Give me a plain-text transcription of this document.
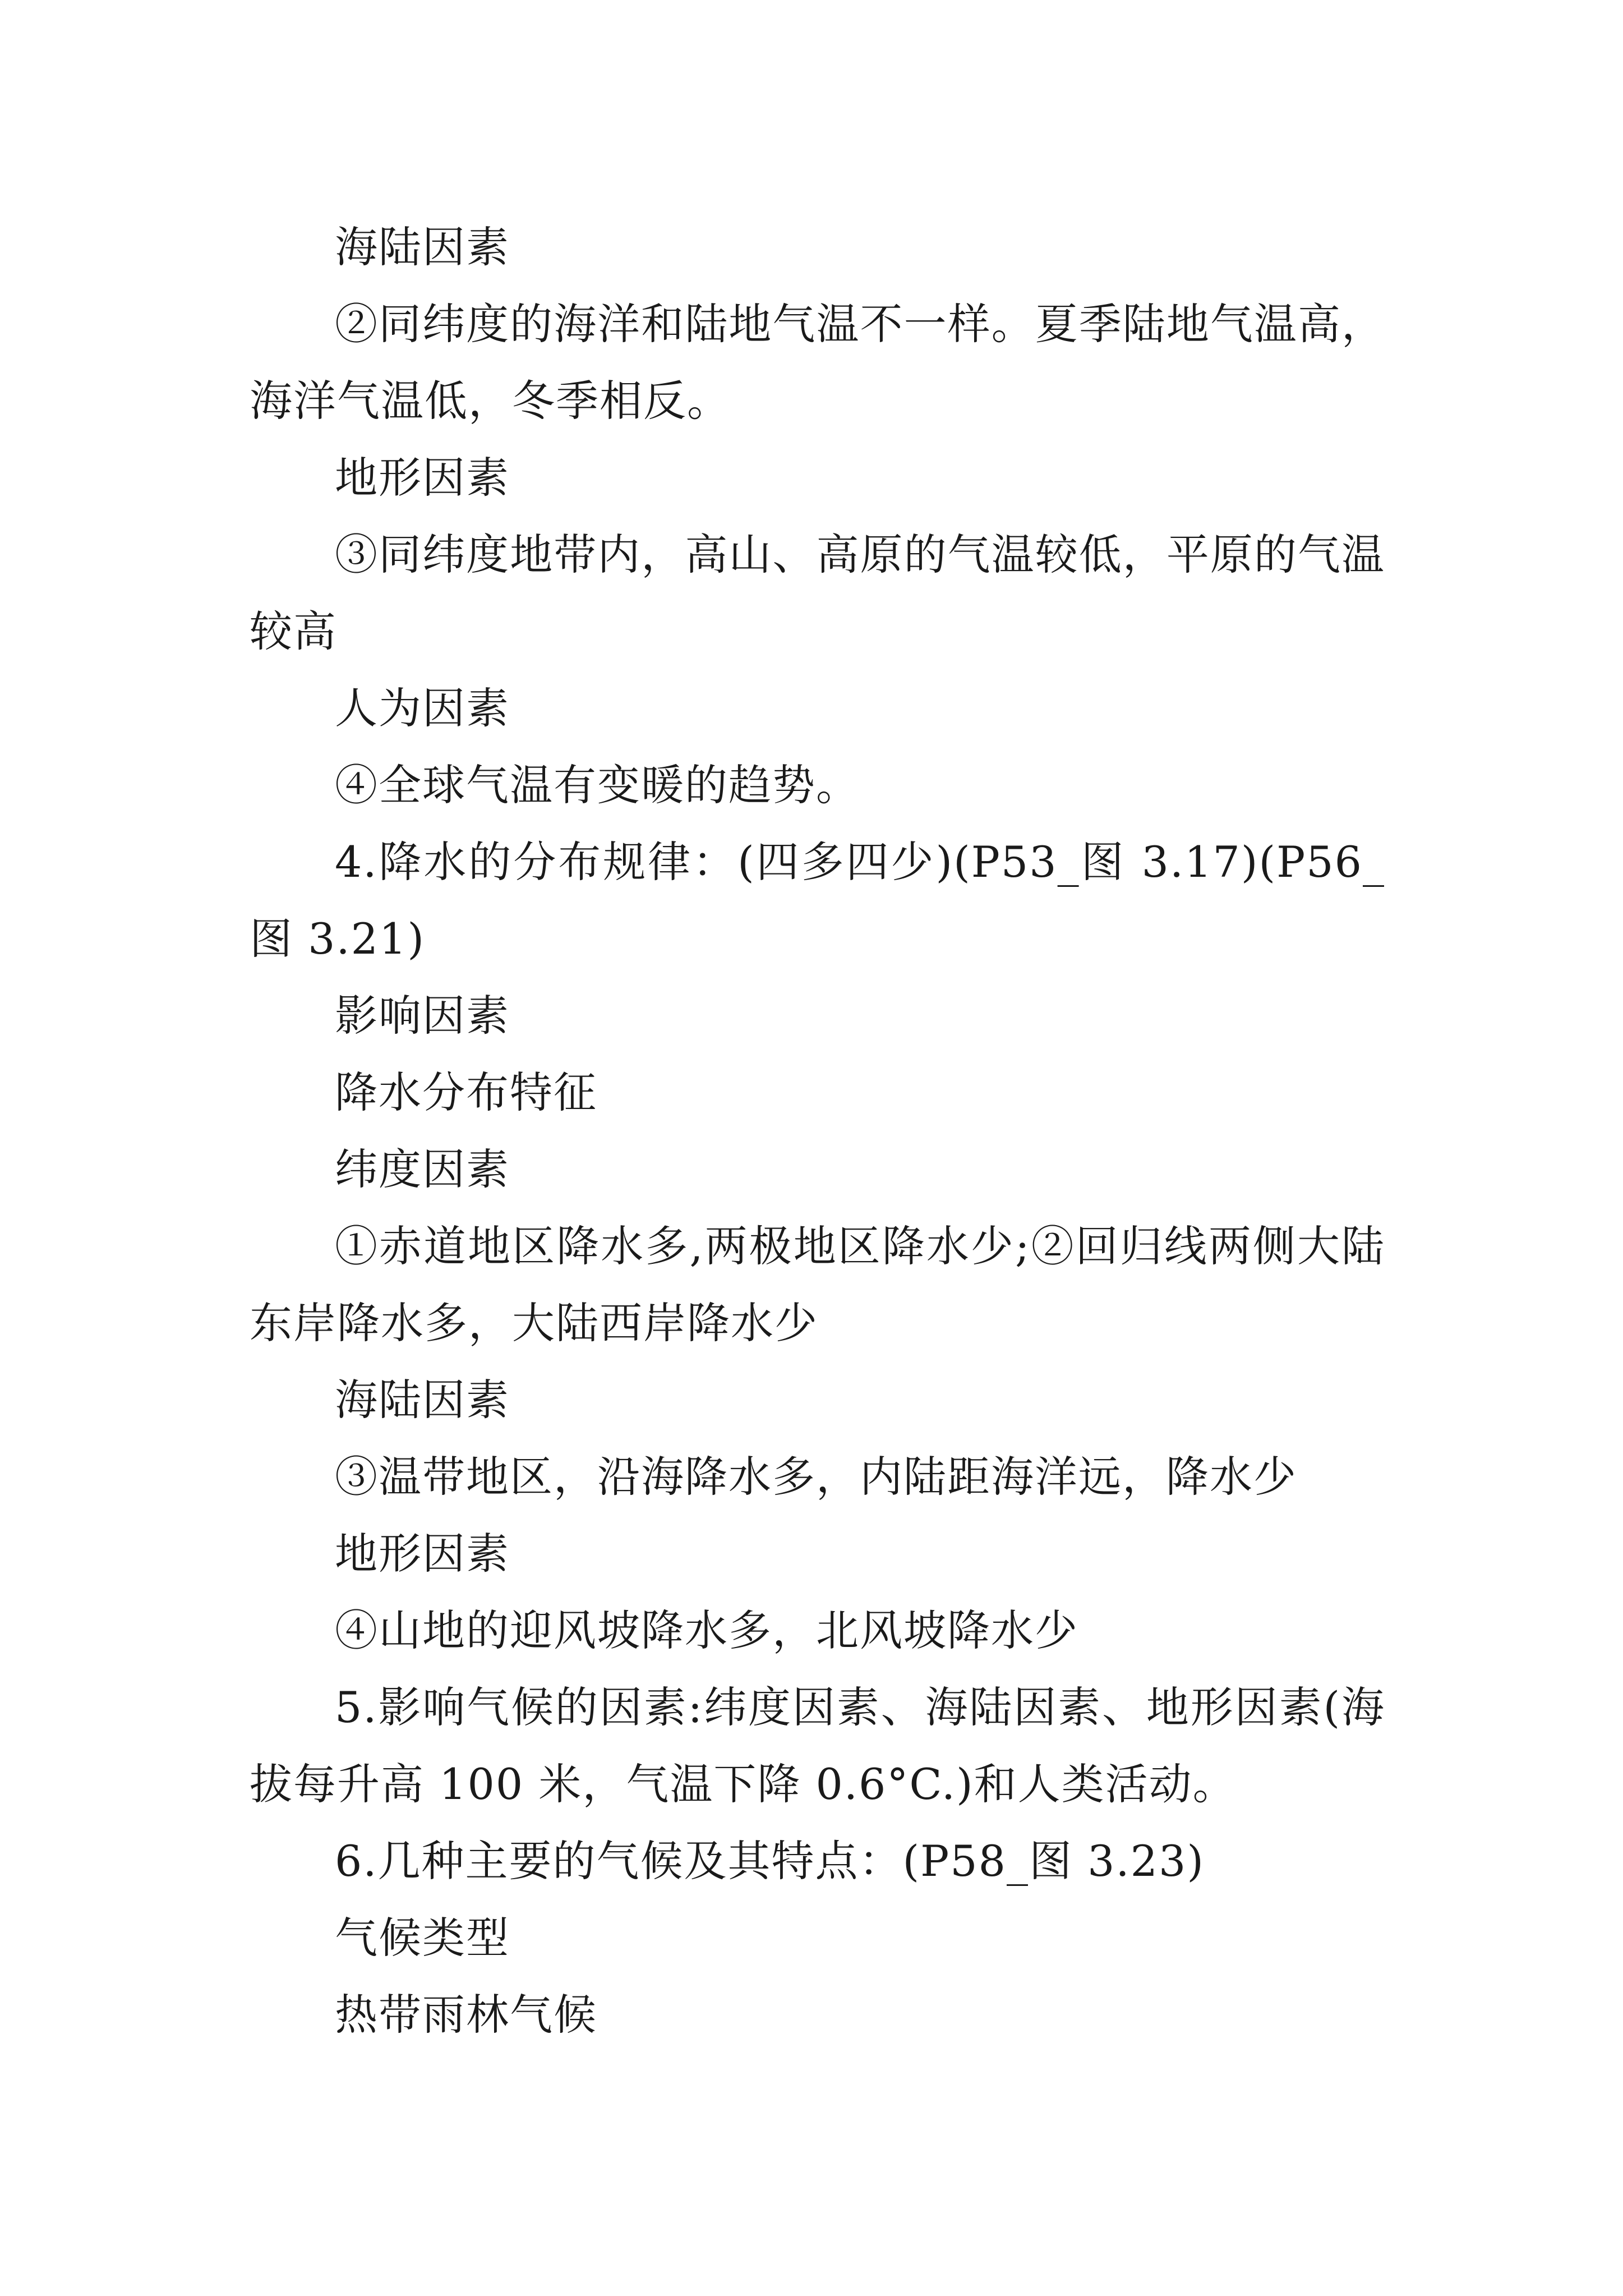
海陆因素

②同纬度的海洋和陆地气温不一样。夏季陆地气温高，海洋气温低，冬季相反。

地形因素

③同纬度地带内，高山、高原的气温较低，平原的气温较高

人为因素

④全球气温有变暖的趋势。

4.降水的分布规律：(四多四少)(P53_图 3.17)(P56_图 3.21)

影响因素

降水分布特征

纬度因素

①赤道地区降水多,两极地区降水少;②回归线两侧大陆东岸降水多，大陆西岸降水少

海陆因素

③温带地区，沿海降水多，内陆距海洋远，降水少

地形因素

④山地的迎风坡降水多，北风坡降水少

5.影响气候的因素:纬度因素、海陆因素、地形因素(海拔每升高 100 米，气温下降 0.6°C.)和人类活动。

6.几种主要的气候及其特点：(P58_图 3.23)

气候类型

热带雨林气候
